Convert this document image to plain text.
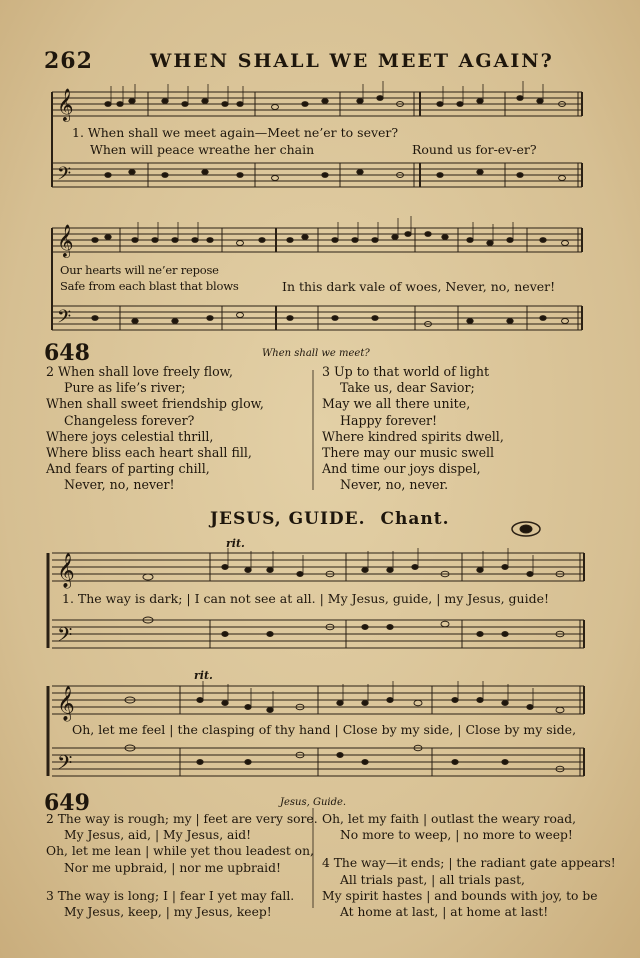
262	WHEN SHALL WE MEET AGAIN?
𝄞
𝄢
𝄞
𝄢
𝄞
𝄢
𝄞
𝄢
1. When shall we meet again—Meet ne’er to sever?
When will peace wreathe her chain	Round us for-ev-er?
Our hearts will ne’er repose
Safe from each blast that blows	In this dark vale of woes, Never, no, never!
648	When shall we meet?
2 When shall love freely flow,
Pure as life’s river;
When shall sweet friendship glow,
Changeless forever?
Where joys celestial thrill,
Where bliss each heart shall fill,
And fears of parting chill,
Never, no, never!
3 Up to that world of light
Take us, dear Savior;
May we all there unite,
Happy forever!
Where kindred spirits dwell,
There may our music swell
And time our joys dispel,
Never, no, never.
JESUS, GUIDE. Chant.
rit.
1. The way is dark; | I can not see at all. | My Jesus, guide, | my Jesus, guide!
rit.
Oh, let me feel | the clasping of thy hand | Close by my side, | Close by my side,
649	Jesus, Guide.
2 The way is rough; my | feet are very sore.
My Jesus, aid, | My Jesus, aid!
Oh, let me lean | while yet thou leadest on,
Nor me upbraid, | nor me upbraid!
3 The way is long; I | fear I yet may fall.
My Jesus, keep, | my Jesus, keep!
Oh, let my faith | outlast the weary road,
No more to weep, | no more to weep!
4 The way—it ends; | the radiant gate appears!
All trials past, | all trials past,
My spirit hastes | and bounds with joy, to be
At home at last, | at home at last!
